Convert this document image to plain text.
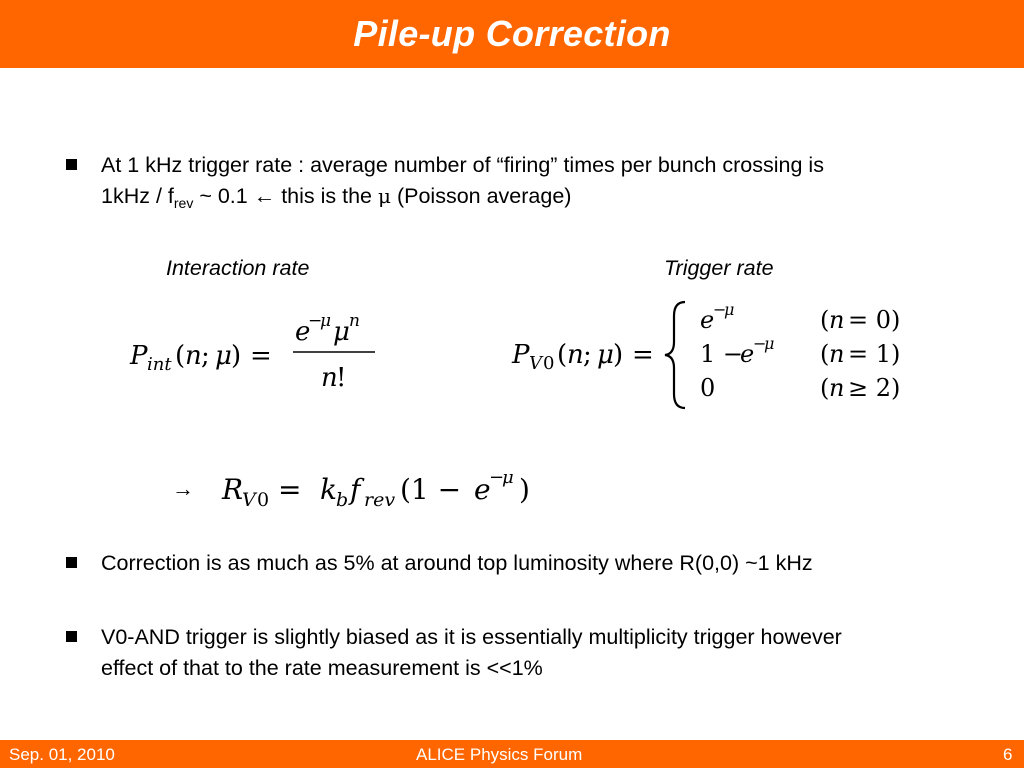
Pile-up Correction
At 1 kHz trigger rate : average number of “firing” times per bunch crossing is
$1kHz / f_{rev}$ ~ 0.1 ← this is the μ (Poisson average)
Interaction rate	Trigger rate
P int ( n ; μ ) =
e
−
μ μ n
n
!
P V 0 ( n ; μ ) =
e
−
μ	( n = 0)
1 −
e
−
μ ( n = 1)
0	( n ≥ 2)
→ R
V 0 = k b f rev (1 − e
−
μ )
Correction is as much as 5% at around top luminosity where R(0,0) ~1 kHz
V0-AND trigger is slightly biased as it is essentially multiplicity trigger however
effect of that to the rate measurement is <<1%
Sep. 01, 2010	ALICE Physics Forum	6
